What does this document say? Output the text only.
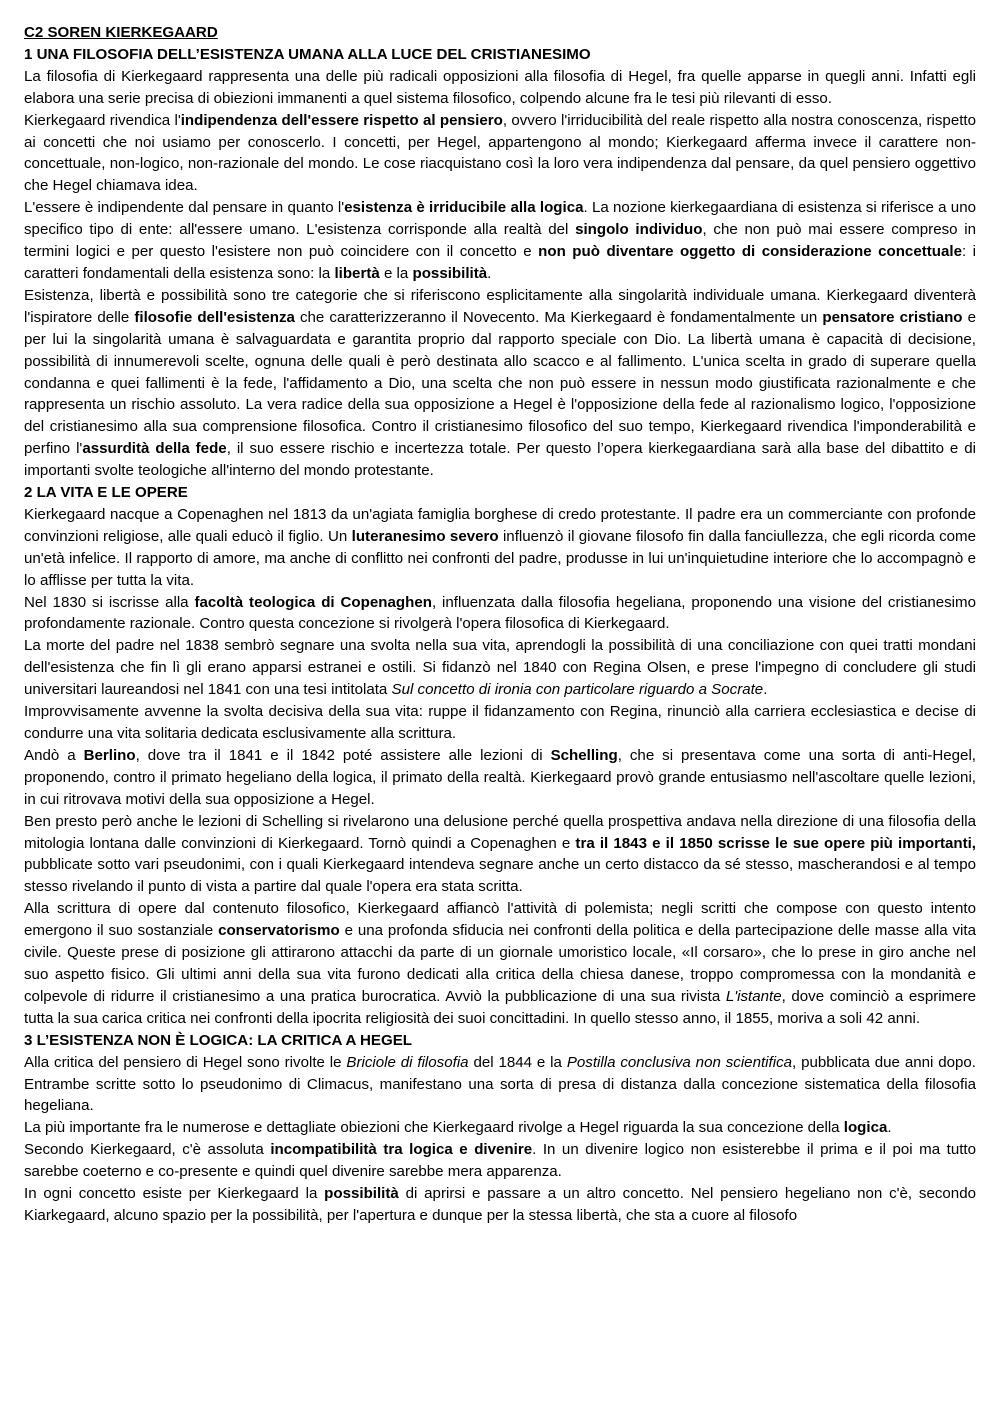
C2 SOREN KIERKEGAARD
1 UNA FILOSOFIA DELL’ESISTENZA UMANA ALLA LUCE DEL CRISTIANESIMO

La filosofia di Kierkegaard rappresenta una delle più radicali opposizioni alla filosofia di Hegel, fra quelle apparse in quegli anni. Infatti egli elabora una serie precisa di obiezioni immanenti a quel sistema filosofico, colpendo alcune fra le tesi più rilevanti di esso.

Kierkegaard rivendica l'indipendenza dell'essere rispetto al pensiero, ovvero l'irriducibilità del reale rispetto alla nostra conoscenza, rispetto ai concetti che noi usiamo per conoscerlo. I concetti, per Hegel, appartengono al mondo; Kierkegaard afferma invece il carattere non-concettuale, non-logico, non-razionale del mondo. Le cose riacquistano così la loro vera indipendenza dal pensare, da quel pensiero oggettivo che Hegel chiamava idea.

L'essere è indipendente dal pensare in quanto l'esistenza è irriducibile alla logica. La nozione kierkegaardiana di esistenza si riferisce a uno specifico tipo di ente: all'essere umano. L'esistenza corrisponde alla realtà del singolo individuo, che non può mai essere compreso in termini logici e per questo l'esistere non può coincidere con il concetto e non può diventare oggetto di considerazione concettuale: i caratteri fondamentali della esistenza sono: la libertà e la possibilità.

Esistenza, libertà e possibilità sono tre categorie che si riferiscono esplicitamente alla singolarità individuale umana. Kierkegaard diventerà l'ispiratore delle filosofie dell'esistenza che caratterizzeranno il Novecento. Ma Kierkegaard è fondamentalmente un pensatore cristiano e per lui la singolarità umana è salvaguardata e garantita proprio dal rapporto speciale con Dio. La libertà umana è capacità di decisione, possibilità di innumerevoli scelte, ognuna delle quali è però destinata allo scacco e al fallimento. L'unica scelta in grado di superare quella condanna e quei fallimenti è la fede, l'affidamento a Dio, una scelta che non può essere in nessun modo giustificata razionalmente e che rappresenta un rischio assoluto. La vera radice della sua opposizione a Hegel è l'opposizione della fede al razionalismo logico, l'opposizione del cristianesimo alla sua comprensione filosofica. Contro il cristianesimo filosofico del suo tempo, Kierkegaard rivendica l'imponderabilità e perfino l'assurdità della fede, il suo essere rischio e incertezza totale. Per questo l’opera kierkegaardiana sarà alla base del dibattito e di importanti svolte teologiche all'interno del mondo protestante.

2 LA VITA E LE OPERE

Kierkegaard nacque a Copenaghen nel 1813 da un'agiata famiglia borghese di credo protestante. Il padre era un commerciante con profonde convinzioni religiose, alle quali educò il figlio. Un luteranesimo severo influenzò il giovane filosofo fin dalla fanciullezza, che egli ricorda come un'età infelice. Il rapporto di amore, ma anche di conflitto nei confronti del padre, produsse in lui un'inquietudine interiore che lo accompagnò e lo afflisse per tutta la vita.

Nel 1830 si iscrisse alla facoltà teologica di Copenaghen, influenzata dalla filosofia hegeliana, proponendo una visione del cristianesimo profondamente razionale. Contro questa concezione si rivolgerà l'opera filosofica di Kierkegaard.

La morte del padre nel 1838 sembrò segnare una svolta nella sua vita, aprendogli la possibilità di una conciliazione con quei tratti mondani dell'esistenza che fin lì gli erano apparsi estranei e ostili. Si fidanzò nel 1840 con Regina Olsen, e prese l'impegno di concludere gli studi universitari laureandosi nel 1841 con una tesi intitolata Sul concetto di ironia con particolare riguardo a Socrate.

Improvvisamente avvenne la svolta decisiva della sua vita: ruppe il fidanzamento con Regina, rinunciò alla carriera ecclesiastica e decise di condurre una vita solitaria dedicata esclusivamente alla scrittura.

Andò a Berlino, dove tra il 1841 e il 1842 poté assistere alle lezioni di Schelling, che si presentava come una sorta di anti-Hegel, proponendo, contro il primato hegeliano della logica, il primato della realtà. Kierkegaard provò grande entusiasmo nell'ascoltare quelle lezioni, in cui ritrovava motivi della sua opposizione a Hegel.

Ben presto però anche le lezioni di Schelling si rivelarono una delusione perché quella prospettiva andava nella direzione di una filosofia della mitologia lontana dalle convinzioni di Kierkegaard. Tornò quindi a Copenaghen e tra il 1843 e il 1850 scrisse le sue opere più importanti, pubblicate sotto vari pseudonimi, con i quali Kierkegaard intendeva segnare anche un certo distacco da sé stesso, mascherandosi e al tempo stesso rivelando il punto di vista a partire dal quale l'opera era stata scritta.

Alla scrittura di opere dal contenuto filosofico, Kierkegaard affiancò l'attività di polemista; negli scritti che compose con questo intento emergono il suo sostanziale conservatorismo e una profonda sfiducia nei confronti della politica e della partecipazione delle masse alla vita civile. Queste prese di posizione gli attirarono attacchi da parte di un giornale umoristico locale, «Il corsaro», che lo prese in giro anche nel suo aspetto fisico. Gli ultimi anni della sua vita furono dedicati alla critica della chiesa danese, troppo compromessa con la mondanità e colpevole di ridurre il cristianesimo a una pratica burocratica. Avviò la pubblicazione di una sua rivista L'istante, dove cominciò a esprimere tutta la sua carica critica nei confronti della ipocrita religiosità dei suoi concittadini. In quello stesso anno, il 1855, moriva a soli 42 anni.

3 L’ESISTENZA NON È LOGICA: LA CRITICA A HEGEL

Alla critica del pensiero di Hegel sono rivolte le Briciole di filosofia del 1844 e la Postilla conclusiva non scientifica, pubblicata due anni dopo. Entrambe scritte sotto lo pseudonimo di Climacus, manifestano una sorta di presa di distanza dalla concezione sistematica della filosofia hegeliana.

La più importante fra le numerose e dettagliate obiezioni che Kierkegaard rivolge a Hegel riguarda la sua concezione della logica.

Secondo Kierkegaard, c'è assoluta incompatibilità tra logica e divenire. In un divenire logico non esisterebbe il prima e il poi ma tutto sarebbe coeterno e co-presente e quindi quel divenire sarebbe mera apparenza.

In ogni concetto esiste per Kierkegaard la possibilità di aprirsi e passare a un altro concetto. Nel pensiero hegeliano non c'è, secondo Kiarkegaard, alcuno spazio per la possibilità, per l'apertura e dunque per la stessa libertà, che sta a cuore al filosofo
